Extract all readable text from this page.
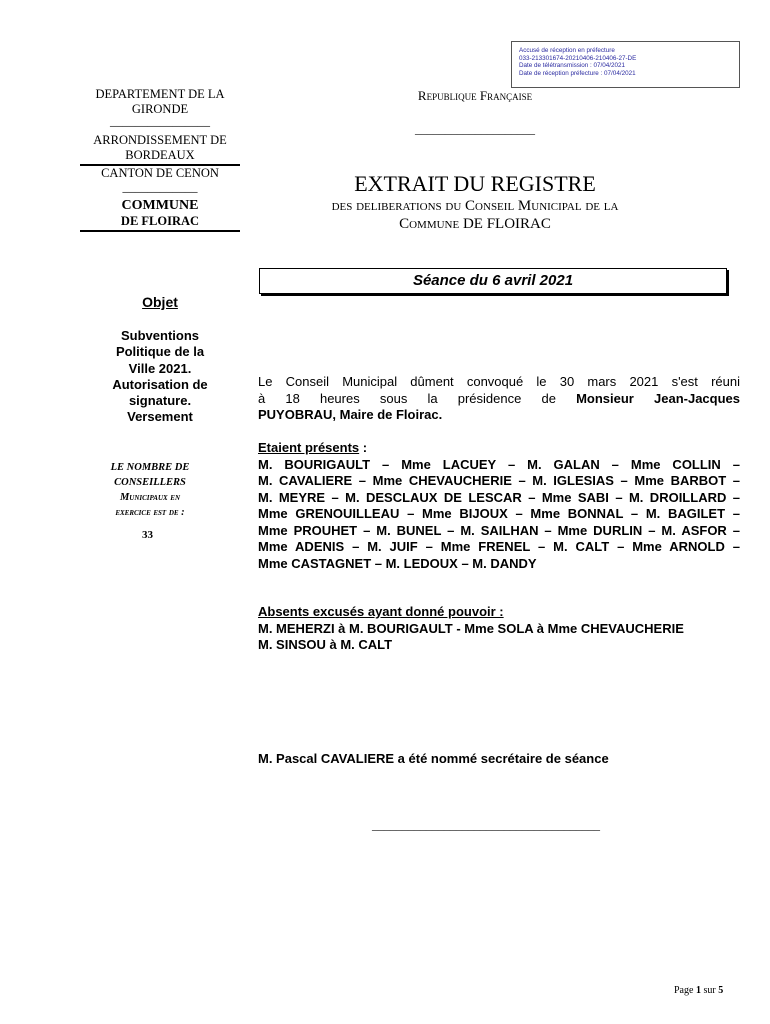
Accusé de réception en préfecture
033-213301674-20210406-210406-27-DE
Date de télétransmission : 07/04/2021
Date de réception préfecture : 07/04/2021
DEPARTEMENT DE LA
GIRONDE
________________
ARRONDISSEMENT DE
BORDEAUX
CANTON DE CENON
____________
COMMUNE
DE FLOIRAC
Republique Française
____________________
EXTRAIT DU REGISTRE
des deliberations du Conseil Municipal de la
Commune DE FLOIRAC
Séance du 6 avril 2021
Objet
Subventions
Politique de la
Ville 2021.
Autorisation de
signature.
Versement
LE NOMBRE DE
CONSEILLERS
Municipaux en
exercice est de :
33
Le Conseil Municipal dûment convoqué le 30 mars 2021 s'est réuni
à 18 heures sous la présidence de Monsieur Jean-Jacques
PUYOBRAU, Maire de Floirac.
Etaient présents :
M. BOURIGAULT – Mme LACUEY – M. GALAN – Mme COLLIN –
M. CAVALIERE – Mme CHEVAUCHERIE – M. IGLESIAS – Mme BARBOT –
M. MEYRE – M. DESCLAUX DE LESCAR – Mme SABI – M. DROILLARD –
Mme GRENOUILLEAU – Mme BIJOUX – Mme BONNAL – M. BAGILET –
Mme PROUHET – M. BUNEL – M. SAILHAN – Mme DURLIN – M. ASFOR –
Mme ADENIS – M. JUIF – Mme FRENEL – M. CALT – Mme ARNOLD –
Mme CASTAGNET – M. LEDOUX – M. DANDY
Absents excusés ayant donné pouvoir :
M. MEHERZI à M. BOURIGAULT - Mme SOLA à Mme CHEVAUCHERIE
M. SINSOU à M. CALT
M. Pascal CAVALIERE a été nommé secrétaire de séance
______________________________________
Page 1 sur 5
